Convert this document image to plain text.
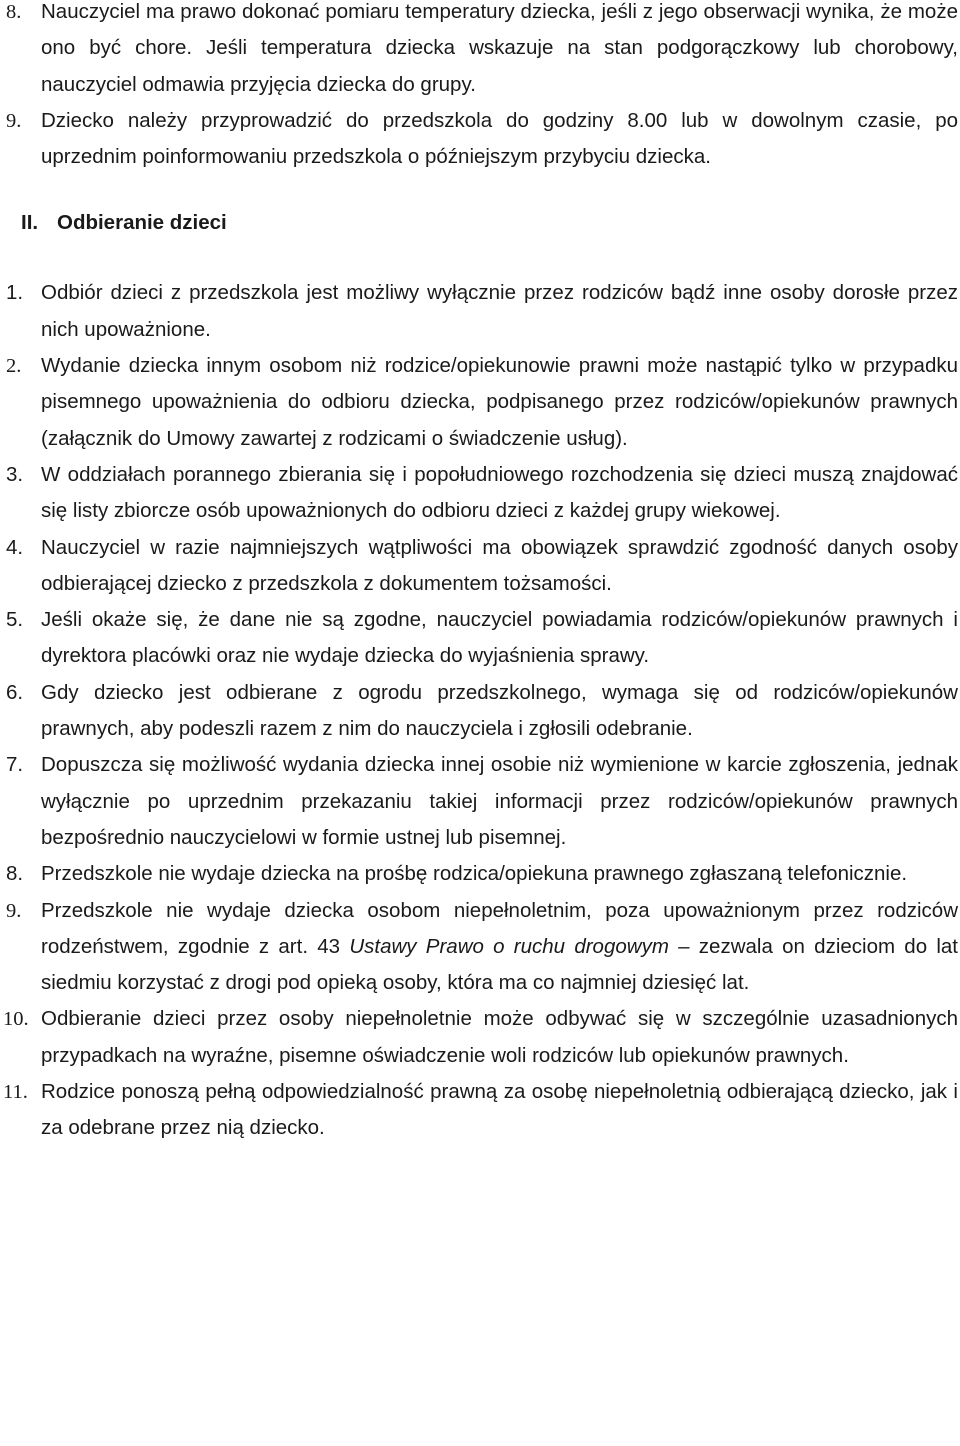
8. Nauczyciel ma prawo dokonać pomiaru temperatury dziecka, jeśli z jego obserwacji wynika, że może ono być chore. Jeśli temperatura dziecka wskazuje na stan podgorączkowy lub chorobowy, nauczyciel odmawia przyjęcia dziecka do grupy.
9. Dziecko należy przyprowadzić do przedszkola do godziny 8.00 lub w dowolnym czasie, po uprzednim poinformowaniu przedszkola o późniejszym przybyciu dziecka.
II. Odbieranie dzieci
1. Odbiór dzieci z przedszkola jest możliwy wyłącznie przez rodziców bądź inne osoby dorosłe przez nich upoważnione.
2. Wydanie dziecka innym osobom niż rodzice/opiekunowie prawni może nastąpić tylko w przypadku pisemnego upoważnienia do odbioru dziecka, podpisanego przez rodziców/opiekunów prawnych (załącznik do Umowy zawartej z rodzicami o świadczenie usług).
3. W oddziałach porannego zbierania się i popołudniowego rozchodzenia się dzieci muszą znajdować się listy zbiorcze osób upoważnionych do odbioru dzieci z każdej grupy wiekowej.
4. Nauczyciel w razie najmniejszych wątpliwości ma obowiązek sprawdzić zgodność danych osoby odbierającej dziecko z przedszkola z dokumentem tożsamości.
5. Jeśli okaże się, że dane nie są zgodne, nauczyciel powiadamia rodziców/opiekunów prawnych i dyrektora placówki oraz nie wydaje dziecka do wyjaśnienia sprawy.
6. Gdy dziecko jest odbierane z ogrodu przedszkolnego, wymaga się od rodziców/opiekunów prawnych, aby podeszli razem z nim do nauczyciela i zgłosili odebranie.
7. Dopuszcza się możliwość wydania dziecka innej osobie niż wymienione w karcie zgłoszenia, jednak wyłącznie po uprzednim przekazaniu takiej informacji przez rodziców/opiekunów prawnych bezpośrednio nauczycielowi w formie ustnej lub pisemnej.
8. Przedszkole nie wydaje dziecka na prośbę rodzica/opiekuna prawnego zgłaszaną telefonicznie.
9. Przedszkole nie wydaje dziecka osobom niepełnoletnim, poza upoważnionym przez rodziców rodzeństwem, zgodnie z art. 43 Ustawy Prawo o ruchu drogowym – zezwala on dzieciom do lat siedmiu korzystać z drogi pod opieką osoby, która ma co najmniej dziesięć lat.
10. Odbieranie dzieci przez osoby niepełnoletnie może odbywać się w szczególnie uzasadnionych przypadkach na wyraźne, pisemne oświadczenie woli rodziców lub opiekunów prawnych.
11. Rodzice ponoszą pełną odpowiedzialność prawną za osobę niepełnoletnią odbierającą dziecko, jak i za odebrane przez nią dziecko.
